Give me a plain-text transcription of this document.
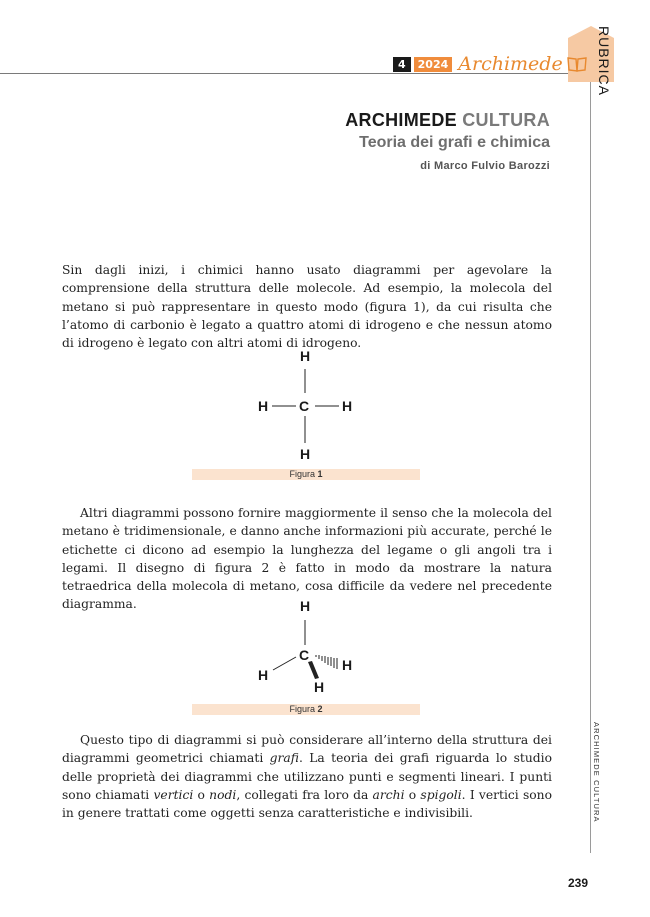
4	2024 Archimede RUBRICA
ARCHIMEDE CULTURA
Teoria dei grafi e chimica
di Marco Fulvio Barozzi

Sin dagli inizi, i chimici hanno usato diagrammi per agevolare la comprensione della struttura delle molecole. Ad esempio, la molecola del metano si può rappresentare in questo modo (figura 1), da cui risulta che l’atomo di carbonio è legato a quattro atomi di idrogeno e che nessun atomo di idrogeno è legato con altri atomi di idrogeno.

H
H C H
H
Figura 1

Altri diagrammi possono fornire maggiormente il senso che la molecola del metano è tridimensionale, e danno anche informazioni più accurate, perché le etichette ci dicono ad esempio la lunghezza del legame o gli angoli tra i legami. Il disegno di figura 2 è fatto in modo da mostrare la natura tetraedrica della molecola di metano, cosa difficile da vedere nel precedente diagramma.	H
C
H
H
H
Figura 2

Questo tipo di diagrammi si può considerare all’interno della struttura dei diagrammi geometrici chiamati grafi. La teoria dei grafi riguarda lo studio delle proprietà dei diagrammi che utilizzano punti e segmenti lineari. I punti sono chiamati vertici o nodi, collegati fra loro da archi o spigoli. I vertici sono in genere trattati come oggetti senza caratteristiche e indivisibili.	ARCHIMEDE CULTURA
239
